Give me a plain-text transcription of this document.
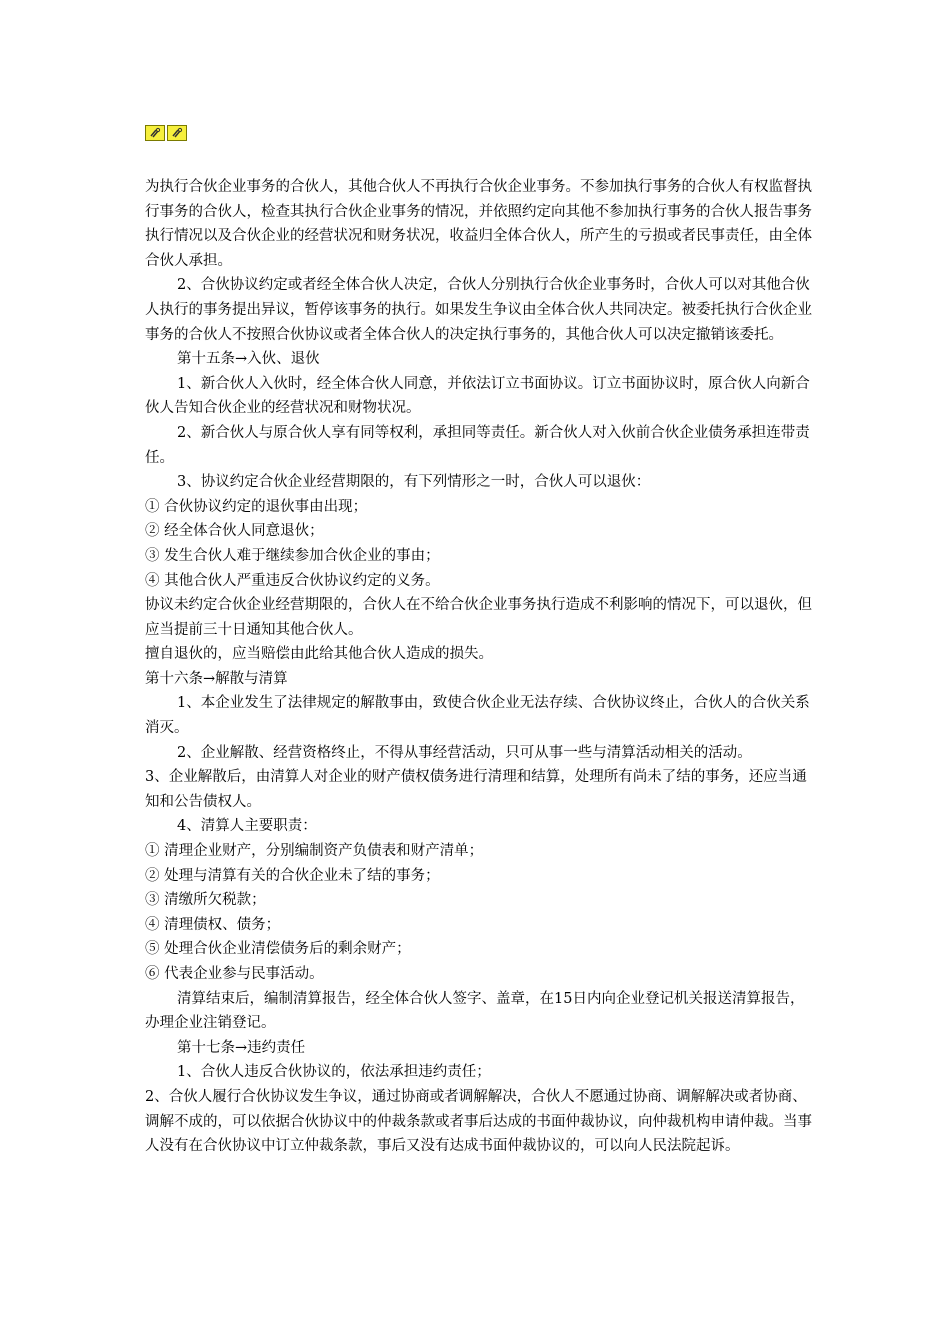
为执行合伙企业事务的合伙人，其他合伙人不再执行合伙企业事务。不参加执行事务的合伙人有权监督执行事务的合伙人，检查其执行合伙企业事务的情况，并依照约定向其他不参加执行事务的合伙人报告事务执行情况以及合伙企业的经营状况和财务状况，收益归全体合伙人，所产生的亏损或者民事责任，由全体合伙人承担。

2、合伙协议约定或者经全体合伙人决定，合伙人分别执行合伙企业事务时，合伙人可以对其他合伙人执行的事务提出异议，暂停该事务的执行。如果发生争议由全体合伙人共同决定。被委托执行合伙企业事务的合伙人不按照合伙协议或者全体合伙人的决定执行事务的，其他合伙人可以决定撤销该委托。

第十五条→入伙、退伙

1、新合伙人入伙时，经全体合伙人同意，并依法订立书面协议。订立书面协议时，原合伙人向新合伙人告知合伙企业的经营状况和财物状况。

2、新合伙人与原合伙人享有同等权利，承担同等责任。新合伙人对入伙前合伙企业债务承担连带责任。

3、协议约定合伙企业经营期限的，有下列情形之一时，合伙人可以退伙：

① 合伙协议约定的退伙事由出现；

② 经全体合伙人同意退伙；

③ 发生合伙人难于继续参加合伙企业的事由；

④ 其他合伙人严重违反合伙协议约定的义务。

协议未约定合伙企业经营期限的，合伙人在不给合伙企业事务执行造成不利影响的情况下，可以退伙，但应当提前三十日通知其他合伙人。

擅自退伙的，应当赔偿由此给其他合伙人造成的损失。

第十六条→解散与清算

1、本企业发生了法律规定的解散事由，致使合伙企业无法存续、合伙协议终止，合伙人的合伙关系消灭。

2、企业解散、经营资格终止，不得从事经营活动，只可从事一些与清算活动相关的活动。

3、企业解散后，由清算人对企业的财产债权债务进行清理和结算，处理所有尚未了结的事务，还应当通知和公告债权人。

4、清算人主要职责：

① 清理企业财产，分别编制资产负债表和财产清单；

② 处理与清算有关的合伙企业未了结的事务；

③ 清缴所欠税款；

④ 清理债权、债务；

⑤ 处理合伙企业清偿债务后的剩余财产；

⑥ 代表企业参与民事活动。

清算结束后，编制清算报告，经全体合伙人签字、盖章，在15日内向企业登记机关报送清算报告，办理企业注销登记。

第十七条→违约责任

1、合伙人违反合伙协议的，依法承担违约责任；

2、合伙人履行合伙协议发生争议，通过协商或者调解解决，合伙人不愿通过协商、调解解决或者协商、调解不成的，可以依据合伙协议中的仲裁条款或者事后达成的书面仲裁协议，向仲裁机构申请仲裁。当事人没有在合伙协议中订立仲裁条款，事后又没有达成书面仲裁协议的，可以向人民法院起诉。
